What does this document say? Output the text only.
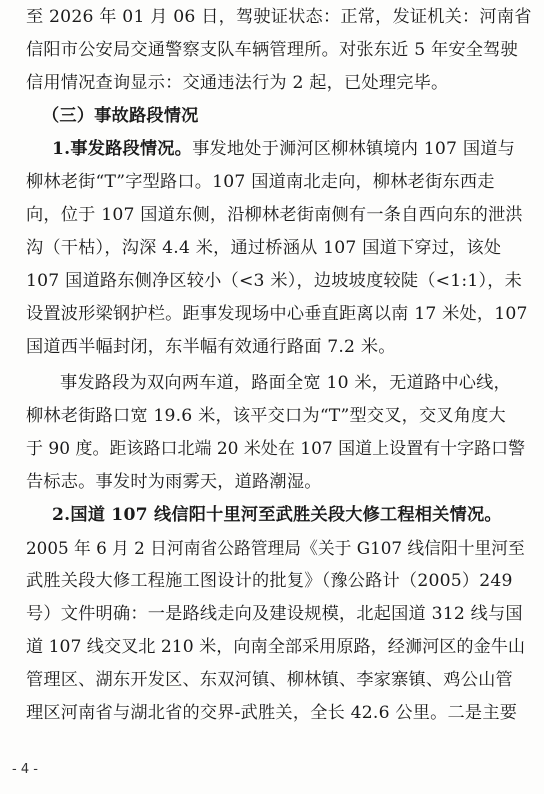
至 2026 年 01 月 06 日，驾驶证状态：正常，发证机关：河南省
信阳市公安局交通警察支队车辆管理所。对张东近 5 年安全驾驶
信用情况查询显示：交通违法行为 2 起，已处理完毕。
（三）事故路段情况
1.事发路段情况。事发地处于浉河区柳林镇境内 107 国道与
柳林老街“T”字型路口。107 国道南北走向，柳林老街东西走
向，位于 107 国道东侧，沿柳林老街南侧有一条自西向东的泄洪
沟（干枯），沟深 4.4 米，通过桥涵从 107 国道下穿过，该处
107 国道路东侧净区较小（<3 米），边坡坡度较陡（<1:1），未
设置波形梁钢护栏。距事发现场中心垂直距离以南 17 米处，107
国道西半幅封闭，东半幅有效通行路面 7.2 米。
事发路段为双向两车道，路面全宽 10 米，无道路中心线，
柳林老街路口宽 19.6 米，该平交口为“T”型交叉，交叉角度大
于 90 度。距该路口北端 20 米处在 107 国道上设置有十字路口警
告标志。事发时为雨雾天，道路潮湿。
2.国道 107 线信阳十里河至武胜关段大修工程相关情况。
2005 年 6 月 2 日河南省公路管理局《关于 G107 线信阳十里河至
武胜关段大修工程施工图设计的批复》（豫公路计（2005）249
号）文件明确：一是路线走向及建设规模，北起国道 312 线与国
道 107 线交叉北 210 米，向南全部采用原路，经浉河区的金牛山
管理区、湖东开发区、东双河镇、柳林镇、李家寨镇、鸡公山管
理区河南省与湖北省的交界-武胜关，全长 42.6 公里。二是主要
- 4 -
